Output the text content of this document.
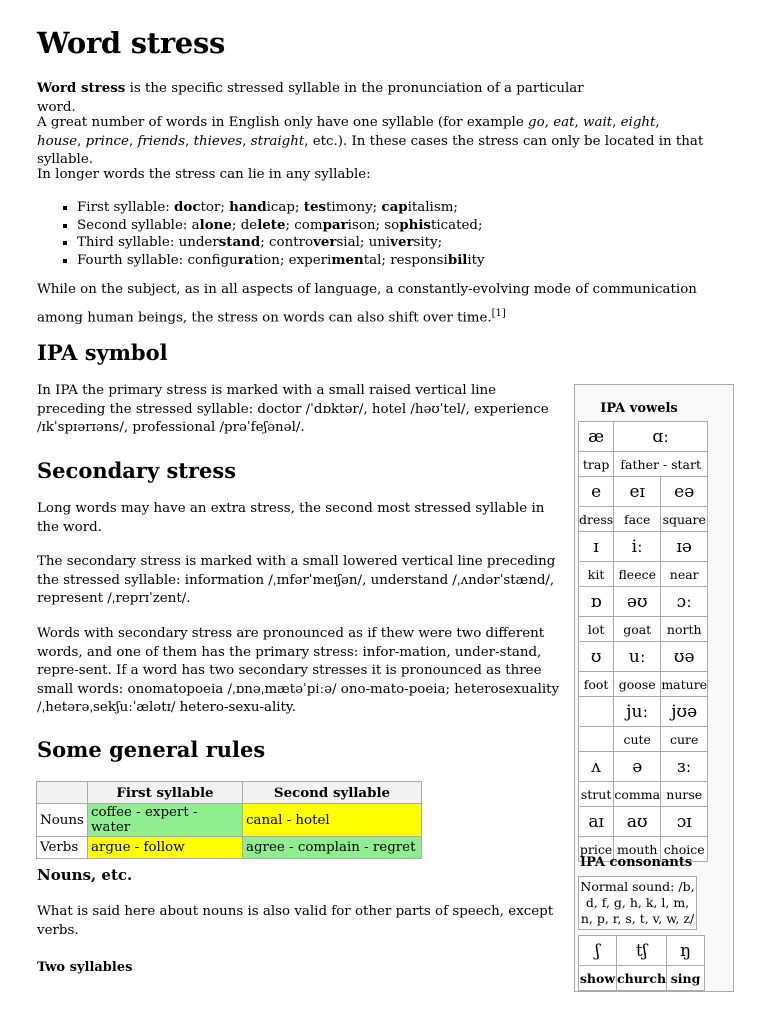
Word stress

Word stress is the specific stressed syllable in the pronunciation of a particular word.

A great number of words in English only have one syllable (for example go, eat, wait, eight, house, prince, friends, thieves, straight, etc.). In these cases the stress can only be located in that syllable.

In longer words the stress can lie in any syllable:

▪ First syllable: doctor; handicap; testimony; capitalism;
▪ Second syllable: alone; delete; comparison; sophisticated;
▪ Third syllable: understand; controversial; university;
▪ Fourth syllable: configuration; experimental; responsibility

While on the subject, as in all aspects of language, a constantly-evolving mode of communication among human beings, the stress on words can also shift over time.[1]

IPA symbol

In IPA the primary stress is marked with a small raised vertical line preceding the stressed syllable: doctor /ˈdɒktər/, hotel /həʊˈtel/, experience /ɪkˈspɪərɪəns/, professional /prəˈfeʃənəl/.

Secondary stress

Long words may have an extra stress, the second most stressed syllable in the word.

The secondary stress is marked with a small lowered vertical line preceding the stressed syllable: information /ˌɪnfərˈmeɪʃən/, understand /ˌʌndərˈstænd/, represent /ˌreprɪˈzent/.

Words with secondary stress are pronounced as if thew were two different words, and one of them has the primary stress: infor-mation, under-stand, repre-sent. If a word has two secondary stresses it is pronounced as three small words: onomatopoeia /ˌɒnəˌmætəˈpiːə/ ono-mato-poeia; heterosexuality /ˌhetərəˌsekʃuːˈælətɪ/ hetero-sexu-ality.

Some general rules
	First syllable	Second syllable
Nouns	coffee - expert - water	canal - hotel
Verbs	argue - follow	agree - complain - regret
Nouns, etc.

What is said here about nouns is also valid for other parts of speech, except verbs.

Two syllables
IPA vowels
æ	ɑː	
trap	father - start	
e	eɪ	eə
dress	face	square
ɪ	iː	ɪə
kit	fleece	near
ɒ	əʊ	ɔː
lot	goat	north
ʊ	uː	ʊə
foot	goose	mature
	juː	jʊə
	cute	cure
ʌ	ə	ɜː
strut	comma	nurse
aɪ	aʊ	ɔɪ
price	mouth	choice
IPA consonants
Normal sound: /b, d, f, g, h, k, l, m, n, p, r, s, t, v, w, z/
ʃ	tʃ	ŋ
show	church	sing
